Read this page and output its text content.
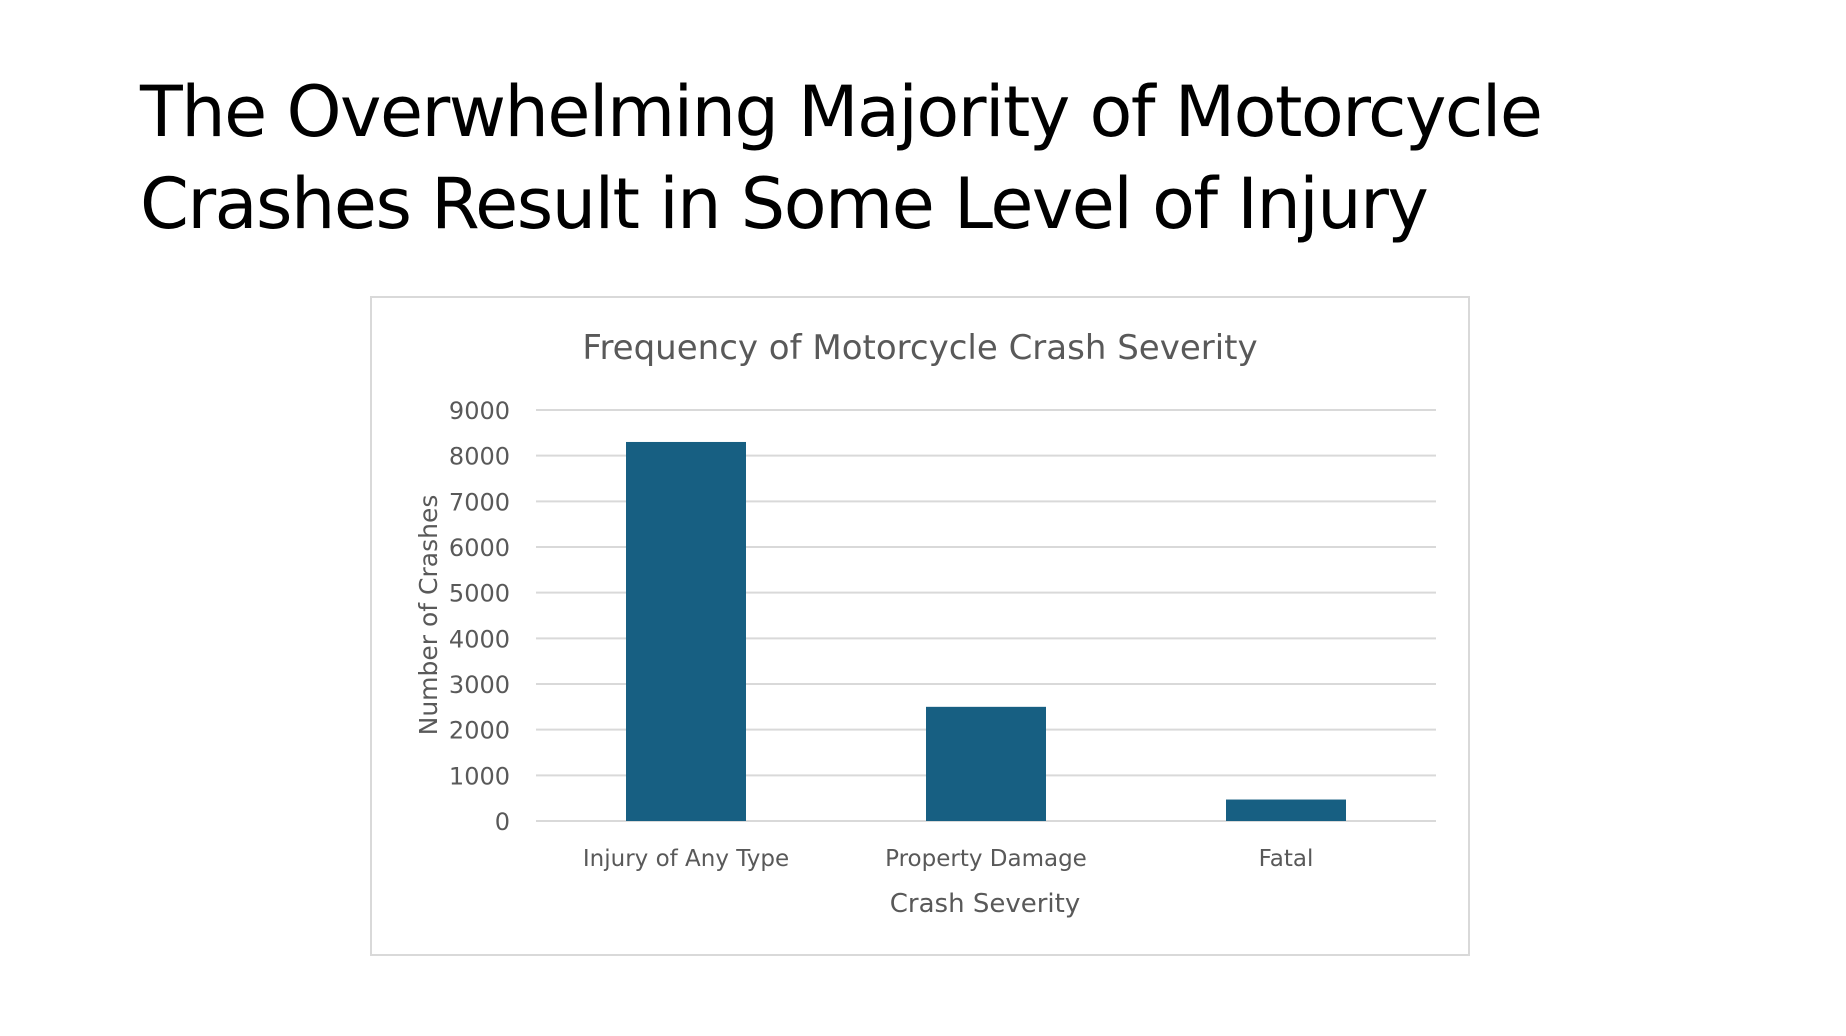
The Overwhelming Majority of Motorcycle
Crashes Result in Some Level of Injury
Frequency of Motorcycle Crash Severity
0
1000
2000
3000
4000
5000
6000
7000
8000
9000
Injury of Any Type	Property Damage	Fatal
Crash Severity
Number of Crashes
